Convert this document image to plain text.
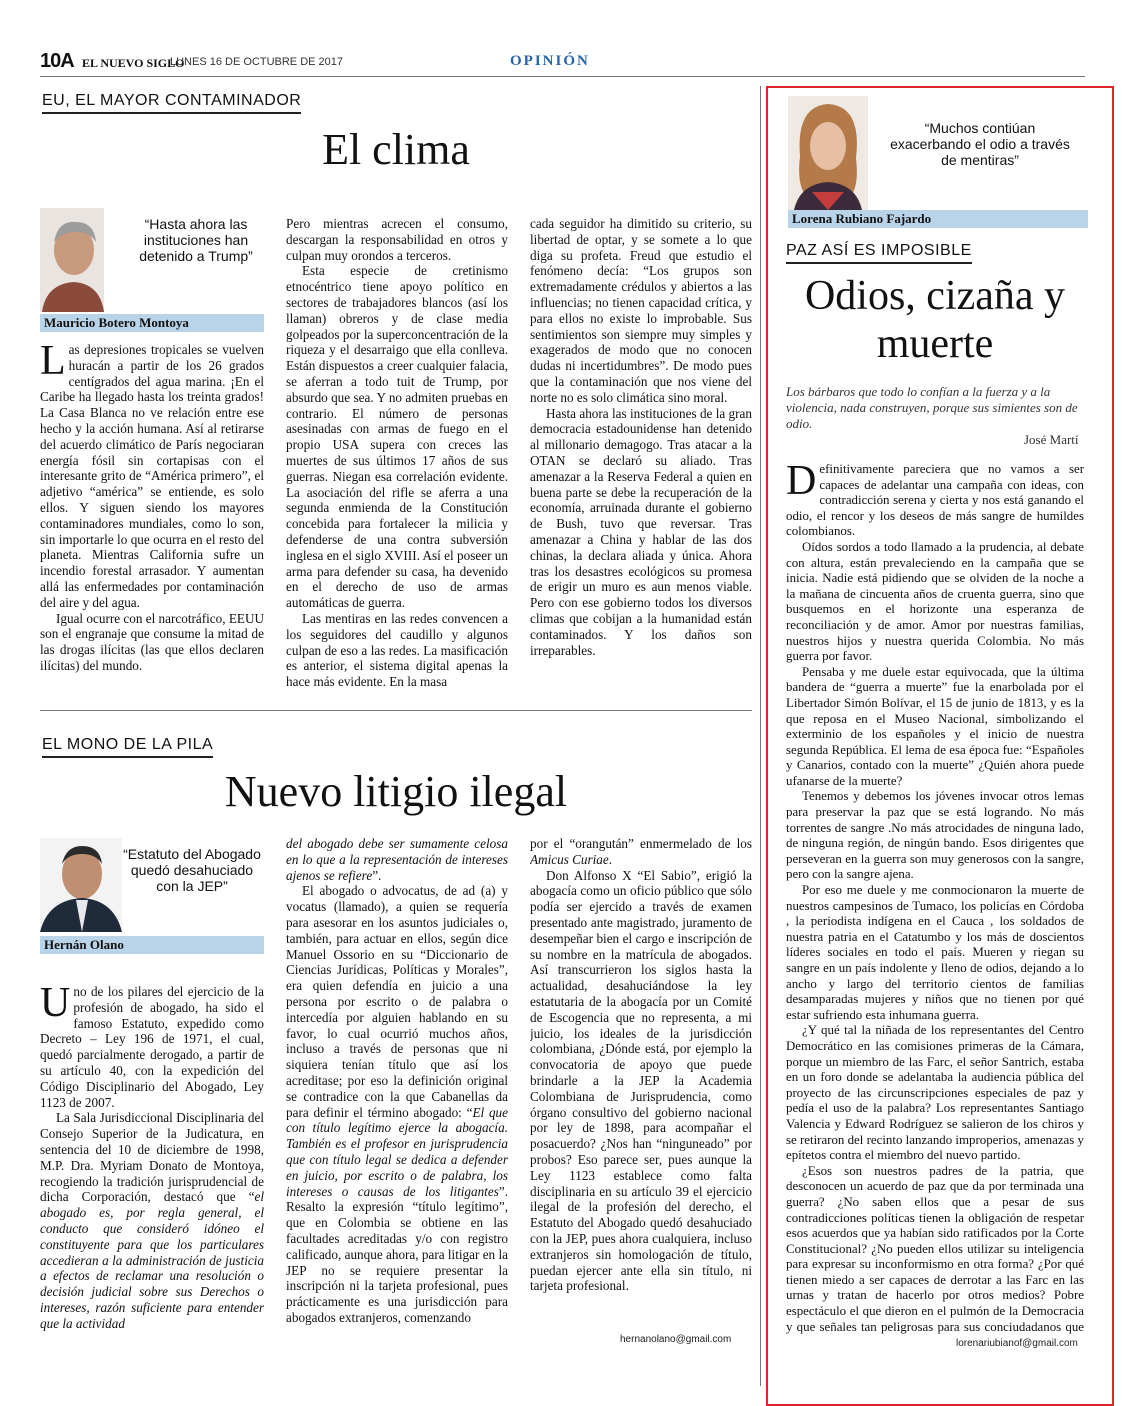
10A EL NUEVO SIGLO
LUNES 16 DE OCTUBRE DE 2017	OPINIÓN
EU, EL MAYOR CONTAMINADOR
El clima
“Hasta ahora las instituciones han detenido a Trump”
Mauricio Botero Montoya

Las depresiones tropicales se vuelven huracán a partir de los 26 grados centígrados del agua marina. ¡En el Caribe ha llegado hasta los treinta grados! La Casa Blanca no ve relación entre ese hecho y la acción humana. Así al retirarse del acuerdo climático de París negociaran energía fósil sin cortapisas con el interesante grito de “América primero”, el adjetivo “américa” se entiende, es solo ellos. Y siguen siendo los mayores contaminadores mundiales, como lo son, sin importarle lo que ocurra en el resto del planeta. Mientras California sufre un incendio forestal arrasador. Y aumentan allá las enfermedades por contaminación del aire y del agua.

Igual ocurre con el narcotráfico, EEUU son el engranaje que consume la mitad de las drogas ilícitas (las que ellos declaren ilícitas) del mundo.

Pero mientras acrecen el consumo, descargan la responsabilidad en otros y culpan muy orondos a terceros.

Esta especie de cretinismo etnocéntrico tiene apoyo político en sectores de trabajadores blancos (así los llaman) obreros y de clase media golpeados por la superconcentración de la riqueza y el desarraigo que ella conlleva. Están dispuestos a creer cualquier falacia, se aferran a todo tuit de Trump, por absurdo que sea. Y no admiten pruebas en contrario. El número de personas asesinadas con armas de fuego en el propio USA supera con creces las muertes de sus últimos 17 años de sus guerras. Niegan esa correlación evidente. La asociación del rifle se aferra a una segunda enmienda de la Constitución concebida para fortalecer la milicia y defenderse de una contra subversión inglesa en el siglo XVIII. Así el poseer un arma para defender su casa, ha devenido en el derecho de uso de armas automáticas de guerra.

Las mentiras en las redes convencen a los seguidores del caudillo y algunos culpan de eso a las redes. La masificación es anterior, el sistema digital apenas la hace más evidente. En la masa

cada seguidor ha dimitido su criterio, su libertad de optar, y se somete a lo que diga su profeta. Freud que estudio el fenómeno decía: “Los grupos son extremadamente crédulos y abiertos a las influencias; no tienen capacidad crítica, y para ellos no existe lo improbable. Sus sentimientos son siempre muy simples y exagerados de modo que no conocen dudas ni incertidumbres”. De modo pues que la contaminación que nos viene del norte no es solo climática sino moral.

Hasta ahora las instituciones de la gran democracia estadounidense han detenido al millonario demagogo. Tras atacar a la OTAN se declaró su aliado. Tras amenazar a la Reserva Federal a quien en buena parte se debe la recuperación de la economía, arruinada durante el gobierno de Bush, tuvo que reversar. Tras amenazar a China y hablar de las dos chinas, la declara aliada y única. Ahora tras los desastres ecológicos su promesa de erigir un muro es aun menos viable. Pero con ese gobierno todos los diversos climas que cobijan a la humanidad están contaminados. Y los daños son irreparables.

EL MONO DE LA PILA
Nuevo litigio ilegal
“Estatuto del Abogado quedó desahuciado con la JEP”
Hernán Olano

Uno de los pilares del ejercicio de la profesión de abogado, ha sido el famoso Estatuto, expedido como Decreto – Ley 196 de 1971, el cual, quedó parcialmente derogado, a partir de su artículo 40, con la expedición del Código Disciplinario del Abogado, Ley 1123 de 2007.

La Sala Jurisdiccional Disciplinaria del Consejo Superior de la Judicatura, en sentencia del 10 de diciembre de 1998, M.P. Dra. Myriam Donato de Montoya, recogiendo la tradición jurisprudencial de dicha Corporación, destacó que “el abogado es, por regla general, el conducto que consideró idóneo el constituyente para que los particulares accedieran a la administración de justicia a efectos de reclamar una resolución o decisión judicial sobre sus Derechos o intereses, razón suficiente para entender que la actividad

del abogado debe ser sumamente celosa en lo que a la representación de intereses ajenos se refiere”.

El abogado o advocatus, de ad (a) y vocatus (llamado), a quien se requería para asesorar en los asuntos judiciales o, también, para actuar en ellos, según dice Manuel Ossorio en su “Diccionario de Ciencias Jurídicas, Políticas y Morales”, era quien defendía en juicio a una persona por escrito o de palabra o intercedía por alguien hablando en su favor, lo cual ocurrió muchos años, incluso a través de personas que ni siquiera tenían título que así los acreditase; por eso la definición original se contradice con la que Cabanellas da para definir el término abogado: “El que con título legítimo ejerce la abogacía. También es el profesor en jurisprudencia que con título legal se dedica a defender en juicio, por escrito o de palabra, los intereses o causas de los litigantes”. Resalto la expresión “título legítimo”, que en Colombia se obtiene en las facultades acreditadas y/o con registro calificado, aunque ahora, para litigar en la JEP no se requiere presentar la inscripción ni la tarjeta profesional, pues prácticamente es una jurisdicción para abogados extranjeros, comenzando

por el “orangután” enmermelado de los Amicus Curiae.

Don Alfonso X “El Sabio”, erigió la abogacía como un oficio público que sólo podía ser ejercido a través de examen presentado ante magistrado, juramento de desempeñar bien el cargo e inscripción de su nombre en la matrícula de abogados. Así transcurrieron los siglos hasta la actualidad, desahuciándose la ley estatutaria de la abogacía por un Comité de Escogencia que no representa, a mi juicio, los ideales de la jurisdicción colombiana, ¿Dónde está, por ejemplo la convocatoria de apoyo que puede brindarle a la JEP la Academia Colombiana de Jurisprudencia, como órgano consultivo del gobierno nacional por ley de 1898, para acompañar el posacuerdo? ¿Nos han “ninguneado” por probos? Eso parece ser, pues aunque la Ley 1123 establece como falta disciplinaria en su artículo 39 el ejercicio ilegal de la profesión del derecho, el Estatuto del Abogado quedó desahuciado con la JEP, pues ahora cualquiera, incluso extranjeros sin homologación de título, puedan ejercer ante ella sin título, ni tarjeta profesional.

hernanolano@gmail.com
“Muchos contiúan exacerbando el odio a través de mentiras”
Lorena Rubiano Fajardo
PAZ ASÍ ES IMPOSIBLE
Odios, cizaña y muerte
Los bárbaros que todo lo confían a la fuerza y a la violencia, nada construyen, porque sus simientes son de odio.
José Martí

Definitivamente pareciera que no vamos a ser capaces de adelantar una campaña con ideas, con contradicción serena y cierta y nos está ganando el odio, el rencor y los deseos de más sangre de humildes colombianos.

Oídos sordos a todo llamado a la prudencia, al debate con altura, están prevaleciendo en la campaña que se inicia. Nadie está pidiendo que se olviden de la noche a la mañana de cincuenta años de cruenta guerra, sino que busquemos en el horizonte una esperanza de reconciliación y de amor. Amor por nuestras familias, nuestros hijos y nuestra querida Colombia. No más guerra por favor.

Pensaba y me duele estar equivocada, que la última bandera de “guerra a muerte” fue la enarbolada por el Libertador Simón Bolívar, el 15 de junio de 1813, y es la que reposa en el Museo Nacional, simbolizando el exterminio de los españoles y el inicio de nuestra segunda República. El lema de esa época fue: “Españoles y Canarios, contado con la muerte” ¿Quién ahora puede ufanarse de la muerte?

Tenemos y debemos los jóvenes invocar otros lemas para preservar la paz que se está logrando. No más torrentes de sangre .No más atrocidades de ninguna lado, de ninguna región, de ningún bando. Esos dirigentes que perseveran en la guerra son muy generosos con la sangre, pero con la sangre ajena.

Por eso me duele y me conmocionaron la muerte de nuestros campesinos de Tumaco, los policías en Córdoba , la periodista indígena en el Cauca , los soldados de nuestra patria en el Catatumbo y los más de doscientos líderes sociales en todo el país. Mueren y riegan su sangre en un país indolente y lleno de odios, dejando a lo ancho y largo del territorio cientos de familias desamparadas mujeres y niños que no tienen por qué estar sufriendo esta inhumana guerra.

¿Y qué tal la niñada de los representantes del Centro Democrático en las comisiones primeras de la Cámara, porque un miembro de las Farc, el señor Santrich, estaba en un foro donde se adelantaba la audiencia pública del proyecto de las circunscripciones especiales de paz y pedía el uso de la palabra? Los representantes Santiago Valencia y Edward Rodríguez se salieron de los chiros y se retiraron del recinto lanzando improperios, amenazas y epítetos contra el miembro del nuevo partido.

¿Esos son nuestros padres de la patria, que desconocen un acuerdo de paz que da por terminada una guerra? ¿No saben ellos que a pesar de sus contradicciones políticas tienen la obligación de respetar esos acuerdos que ya habían sido ratificados por la Corte Constitucional? ¿No pueden ellos utilizar su inteligencia para expresar su inconformismo en otra forma? ¿Por qué tienen miedo a ser capaces de derrotar a las Farc en las urnas y tratan de hacerlo por otros medios? Pobre espectáculo el que dieron en el pulmón de la Democracia y que señales tan peligrosas para sus conciudadanos que

lorenariubianof@gmail.com
